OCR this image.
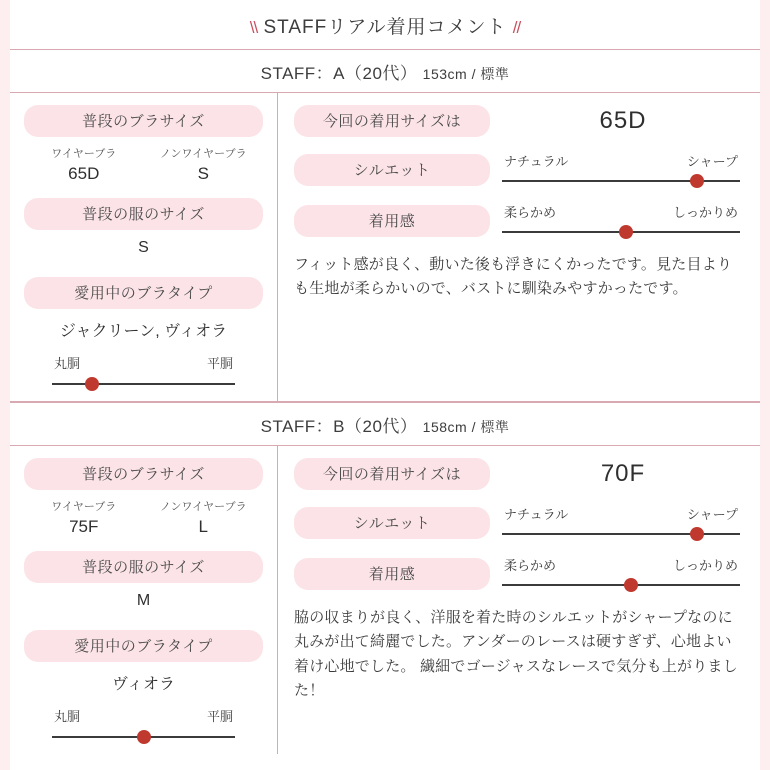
\\ STAFFリアル着用コメント //
STAFF：A（20代） 153cm / 標準
普段のブラサイズ
ワイヤーブラ
65D
ノンワイヤーブラ
S
普段の服のサイズ
S
愛用中のブラタイプ
ジャクリーン, ヴィオラ
丸胴	平胴
今回の着用サイズは	65D
シルエット	ナチュラル	シャープ
着用感	柔らかめ	しっかりめ
フィット感が良く、動いた後も浮きにくかったです。見た目よりも生地が柔らかいので、バストに馴染みやすかったです。
STAFF：B（20代） 158cm / 標準
普段のブラサイズ
ワイヤーブラ
75F
ノンワイヤーブラ
L
普段の服のサイズ
M
愛用中のブラタイプ
ヴィオラ
丸胴	平胴
今回の着用サイズは	70F
シルエット	ナチュラル	シャープ
着用感	柔らかめ	しっかりめ
脇の収まりが良く、洋服を着た時のシルエットがシャープなのに丸みが出て綺麗でした。アンダーのレースは硬すぎず、心地よい着け心地でした。 繊細でゴージャスなレースで気分も上がりました！
